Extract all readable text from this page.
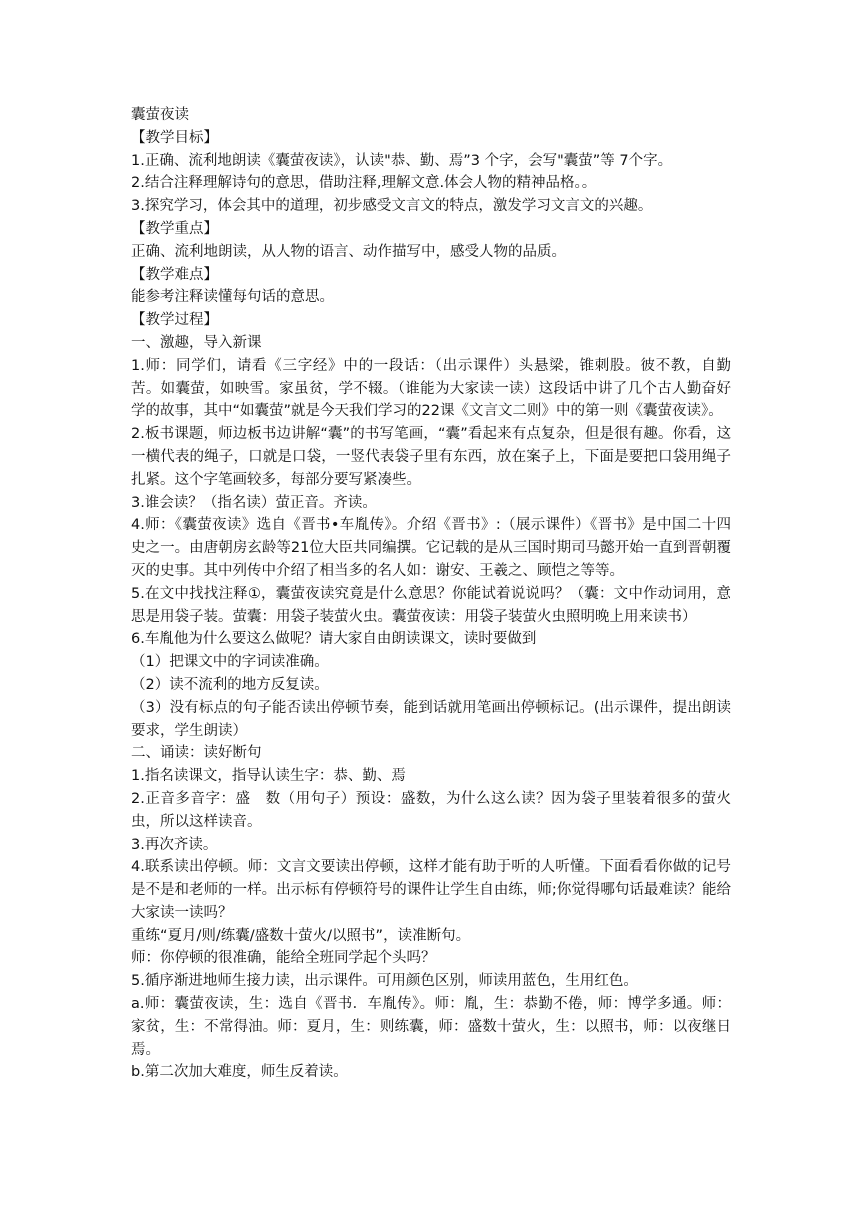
囊萤夜读

【教学目标】

1.正确、流利地朗读《囊萤夜读》，认读"恭、勤、焉”3 个字，会写"囊萤”等 7个字。

2.结合注释理解诗句的意思，借助注释,理解文意.体会人物的精神品格。。

3.探究学习，体会其中的道理，初步感受文言文的特点，激发学习文言文的兴趣。

【教学重点】

正确、流利地朗读，从人物的语言、动作描写中，感受人物的品质。

【教学难点】

能参考注释读懂每句话的意思。

【教学过程】

一、激趣，导入新课

1.师：同学们，请看《三字经》中的一段话：（出示课件）头悬梁，锥刺股。彼不教，自勤苦。如囊萤，如映雪。家虽贫，学不辍。（谁能为大家读一读）这段话中讲了几个古人勤奋好学的故事，其中“如囊萤”就是今天我们学习的22课《文言文二则》中的第一则《囊萤夜读》。

2.板书课题，师边板书边讲解“囊”的书写笔画，“囊”看起来有点复杂，但是很有趣。你看，这一横代表的绳子，口就是口袋，一竖代表袋子里有东西，放在案子上，下面是要把口袋用绳子扎紧。这个字笔画较多，每部分要写紧凑些。

3.谁会读？（指名读）萤正音。齐读。

4.师：《囊萤夜读》选自《晋书•车胤传》。介绍《晋书》:（展示课件）《晋书》是中国二十四史之一。由唐朝房玄龄等21位大臣共同编撰。它记载的是从三国时期司马懿开始一直到晋朝覆灭的史事。其中列传中介绍了相当多的名人如：谢安、王羲之、顾恺之等等。

5.在文中找找注释①，囊萤夜读究竟是什么意思？你能试着说说吗？（囊：文中作动词用，意思是用袋子装。萤囊：用袋子装萤火虫。囊萤夜读：用袋子装萤火虫照明晚上用来读书）

6.车胤他为什么要这么做呢？请大家自由朗读课文，读时要做到

（1）把课文中的字词读准确。

（2）读不流利的地方反复读。

（3）没有标点的句子能否读出停顿节奏，能到话就用笔画出停顿标记。(出示课件，提出朗读要求，学生朗读）

二、诵读：读好断句

1.指名读课文，指导认读生字：恭、勤、焉

2.正音多音字：盛　数（用句子）预设：盛数，为什么这么读？因为袋子里装着很多的萤火虫，所以这样读音。

3.再次齐读。

4.联系读出停顿。师：文言文要读出停顿，这样才能有助于听的人听懂。下面看看你做的记号是不是和老师的一样。出示标有停顿符号的课件让学生自由练，师;你觉得哪句话最难读？能给大家读一读吗？

重练“夏月/则/练囊/盛数十萤火/以照书”，读准断句。

师：你停顿的很准确，能给全班同学起个头吗？

5.循序渐进地师生接力读，出示课件。可用颜色区别，师读用蓝色，生用红色。

a.师：囊萤夜读，生：选自《晋书．车胤传》。师：胤，生：恭勤不倦，师：博学多通。师：家贫，生：不常得油。师：夏月，生：则练囊，师：盛数十萤火，生：以照书，师：以夜继日焉。

b.第二次加大难度，师生反着读。
